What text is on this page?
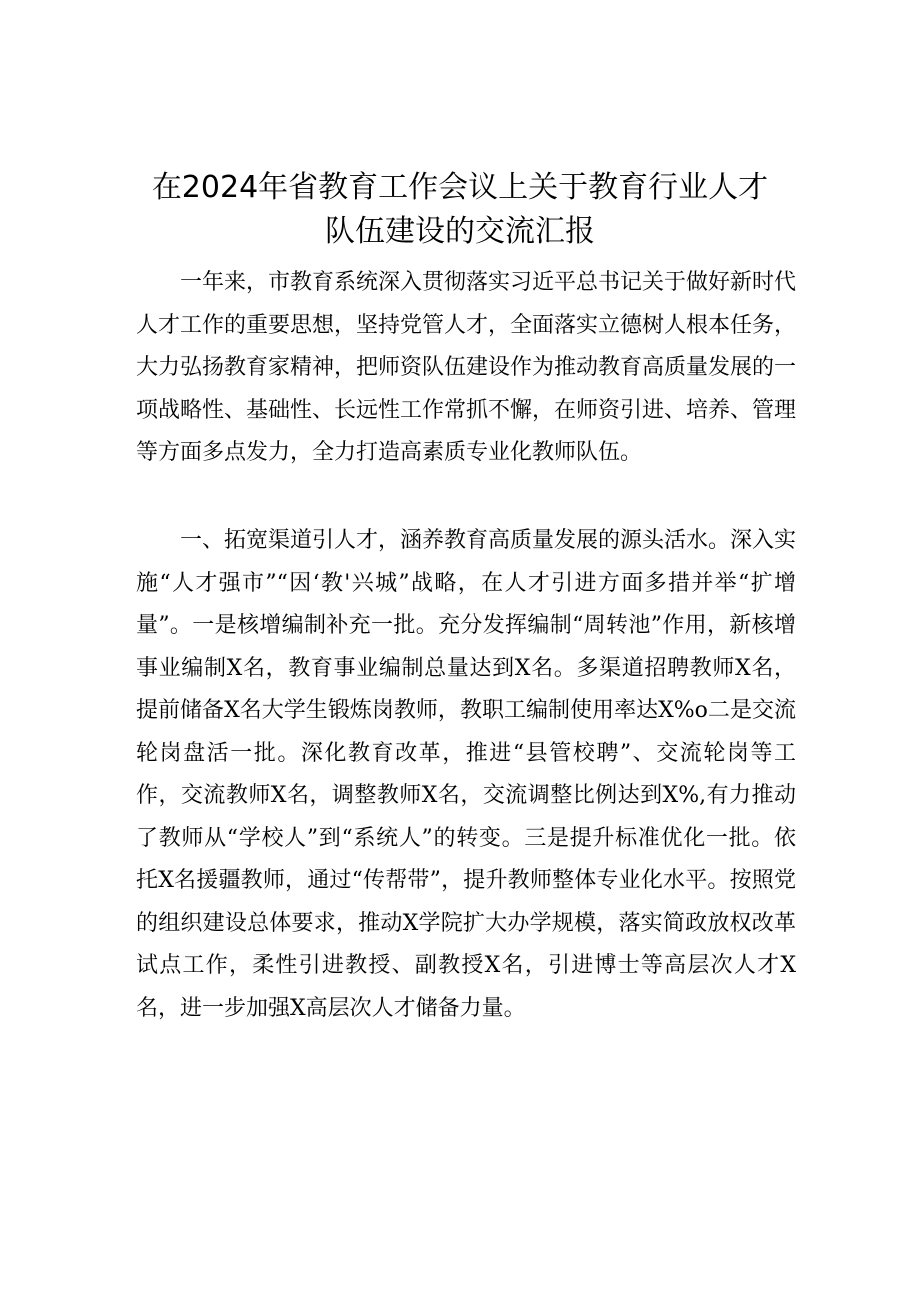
在2024年省教育工作会议上关于教育行业人才
队伍建设的交流汇报

一年来，市教育系统深入贯彻落实习近平总书记关于做好新时代人才工作的重要思想，坚持党管人才，全面落实立德树人根本任务，大力弘扬教育家精神，把师资队伍建设作为推动教育高质量发展的一项战略性、基础性、长远性工作常抓不懈，在师资引进、培养、管理等方面多点发力，全力打造高素质专业化教师队伍。

一、拓宽渠道引人才，涵养教育高质量发展的源头活水。深入实施“人才强市”“因‘教'兴城”战略，在人才引进方面多措并举“扩增量”。一是核增编制补充一批。充分发挥编制“周转池”作用，新核增事业编制X名，教育事业编制总量达到X名。多渠道招聘教师X名，提前储备X名大学生锻炼岗教师，教职工编制使用率达X%o二是交流轮岗盘活一批。深化教育改革，推进“县管校聘”、交流轮岗等工作，交流教师X名，调整教师X名，交流调整比例达到X%,有力推动了教师从“学校人”到“系统人”的转变。三是提升标准优化一批。依托X名援疆教师，通过“传帮带”，提升教师整体专业化水平。按照党的组织建设总体要求，推动X学院扩大办学规模，落实简政放权改革试点工作，柔性引进教授、副教授X名，引进博士等高层次人才X名，进一步加强X高层次人才储备力量。
